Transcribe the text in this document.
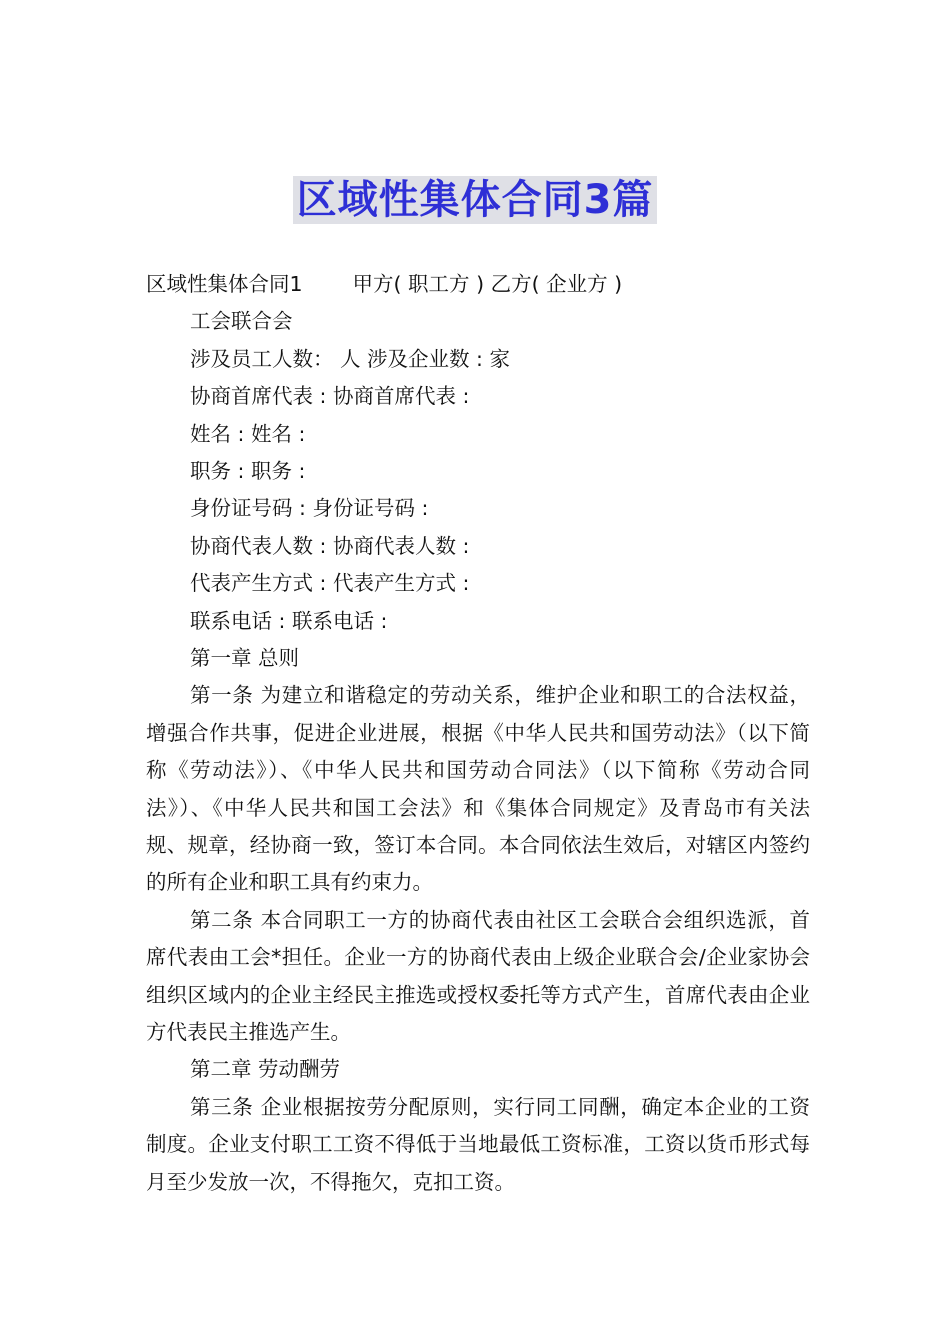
区域性集体合同3篇
区域性集体合同1 甲方( 职工方 ) 乙方( 企业方 )
工会联合会
涉及员工人数： 人 涉及企业数 : 家
协商首席代表 : 协商首席代表 :
姓名 : 姓名 :
职务 : 职务 :
身份证号码 : 身份证号码 :
协商代表人数 : 协商代表人数 :
代表产生方式 : 代表产生方式 :
联系电话 : 联系电话 :
第一章 总则

第一条 为建立和谐稳定的劳动关系，维护企业和职工的合法权益，增强合作共事，促进企业进展，根据《中华人民共和国劳动法》（以下简称《劳动法》）、《中华人民共和国劳动合同法》（以下简称《劳动合同法》）、《中华人民共和国工会法》和《集体合同规定》及青岛市有关法规、规章，经协商一致，签订本合同。本合同依法生效后，对辖区内签约的所有企业和职工具有约束力。

第二条 本合同职工一方的协商代表由社区工会联合会组织选派，首席代表由工会*担任。企业一方的协商代表由上级企业联合会/企业家协会组织区域内的企业主经民主推选或授权委托等方式产生，首席代表由企业方代表民主推选产生。

第二章 劳动酬劳

第三条 企业根据按劳分配原则，实行同工同酬，确定本企业的工资制度。企业支付职工工资不得低于当地最低工资标准，工资以货币形式每月至少发放一次，不得拖欠，克扣工资。
